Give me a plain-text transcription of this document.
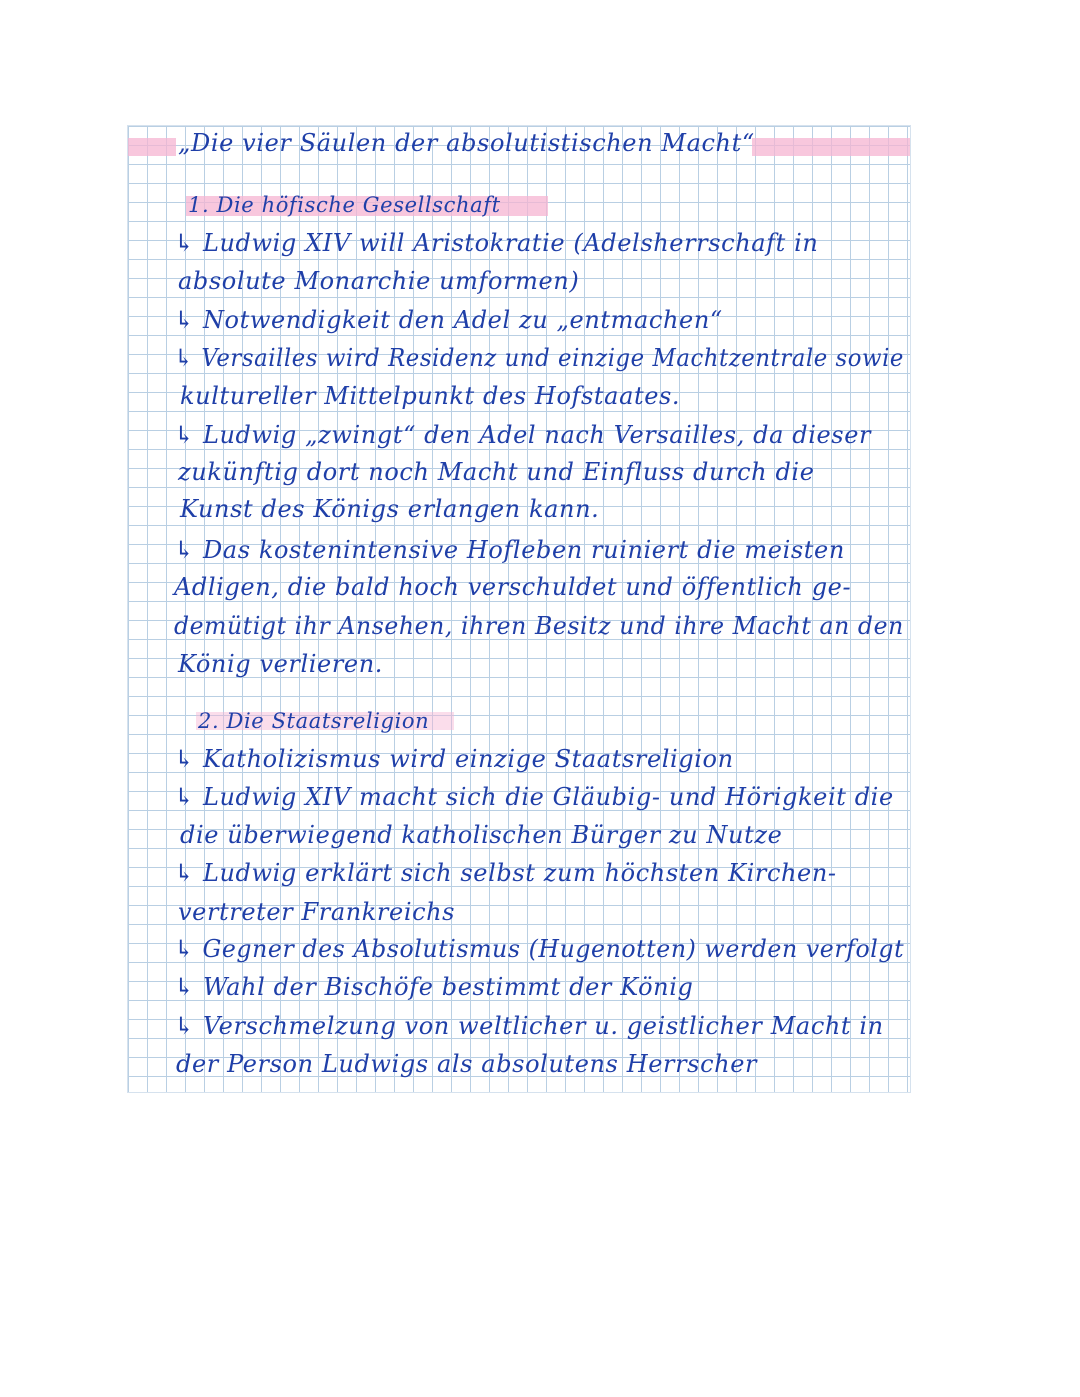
„Die vier Säulen der absolutistischen Macht“

1. Die höfische Gesellschaft

↳ Ludwig XIV will Aristokratie (Adelsherrschaft in

absolute Monarchie umformen)

↳ Notwendigkeit den Adel zu „entmachen“

↳ Versailles wird Residenz und einzige Machtzentrale sowie

kultureller Mittelpunkt des Hofstaates.

↳ Ludwig „zwingt“ den Adel nach Versailles, da dieser

zukünftig dort noch Macht und Einfluss durch die

Kunst des Königs erlangen kann.

↳ Das kostenintensive Hofleben ruiniert die meisten

Adligen, die bald hoch verschuldet und öffentlich ge-

demütigt ihr Ansehen, ihren Besitz und ihre Macht an den

König verlieren.

2. Die Staatsreligion

↳ Katholizismus wird einzige Staatsreligion

↳ Ludwig XIV macht sich die Gläubig- und Hörigkeit die

die überwiegend katholischen Bürger zu Nutze

↳ Ludwig erklärt sich selbst zum höchsten Kirchen-

vertreter Frankreichs

↳ Gegner des Absolutismus (Hugenotten) werden verfolgt

↳ Wahl der Bischöfe bestimmt der König

↳ Verschmelzung von weltlicher u. geistlicher Macht in

der Person Ludwigs als absolutens Herrscher
